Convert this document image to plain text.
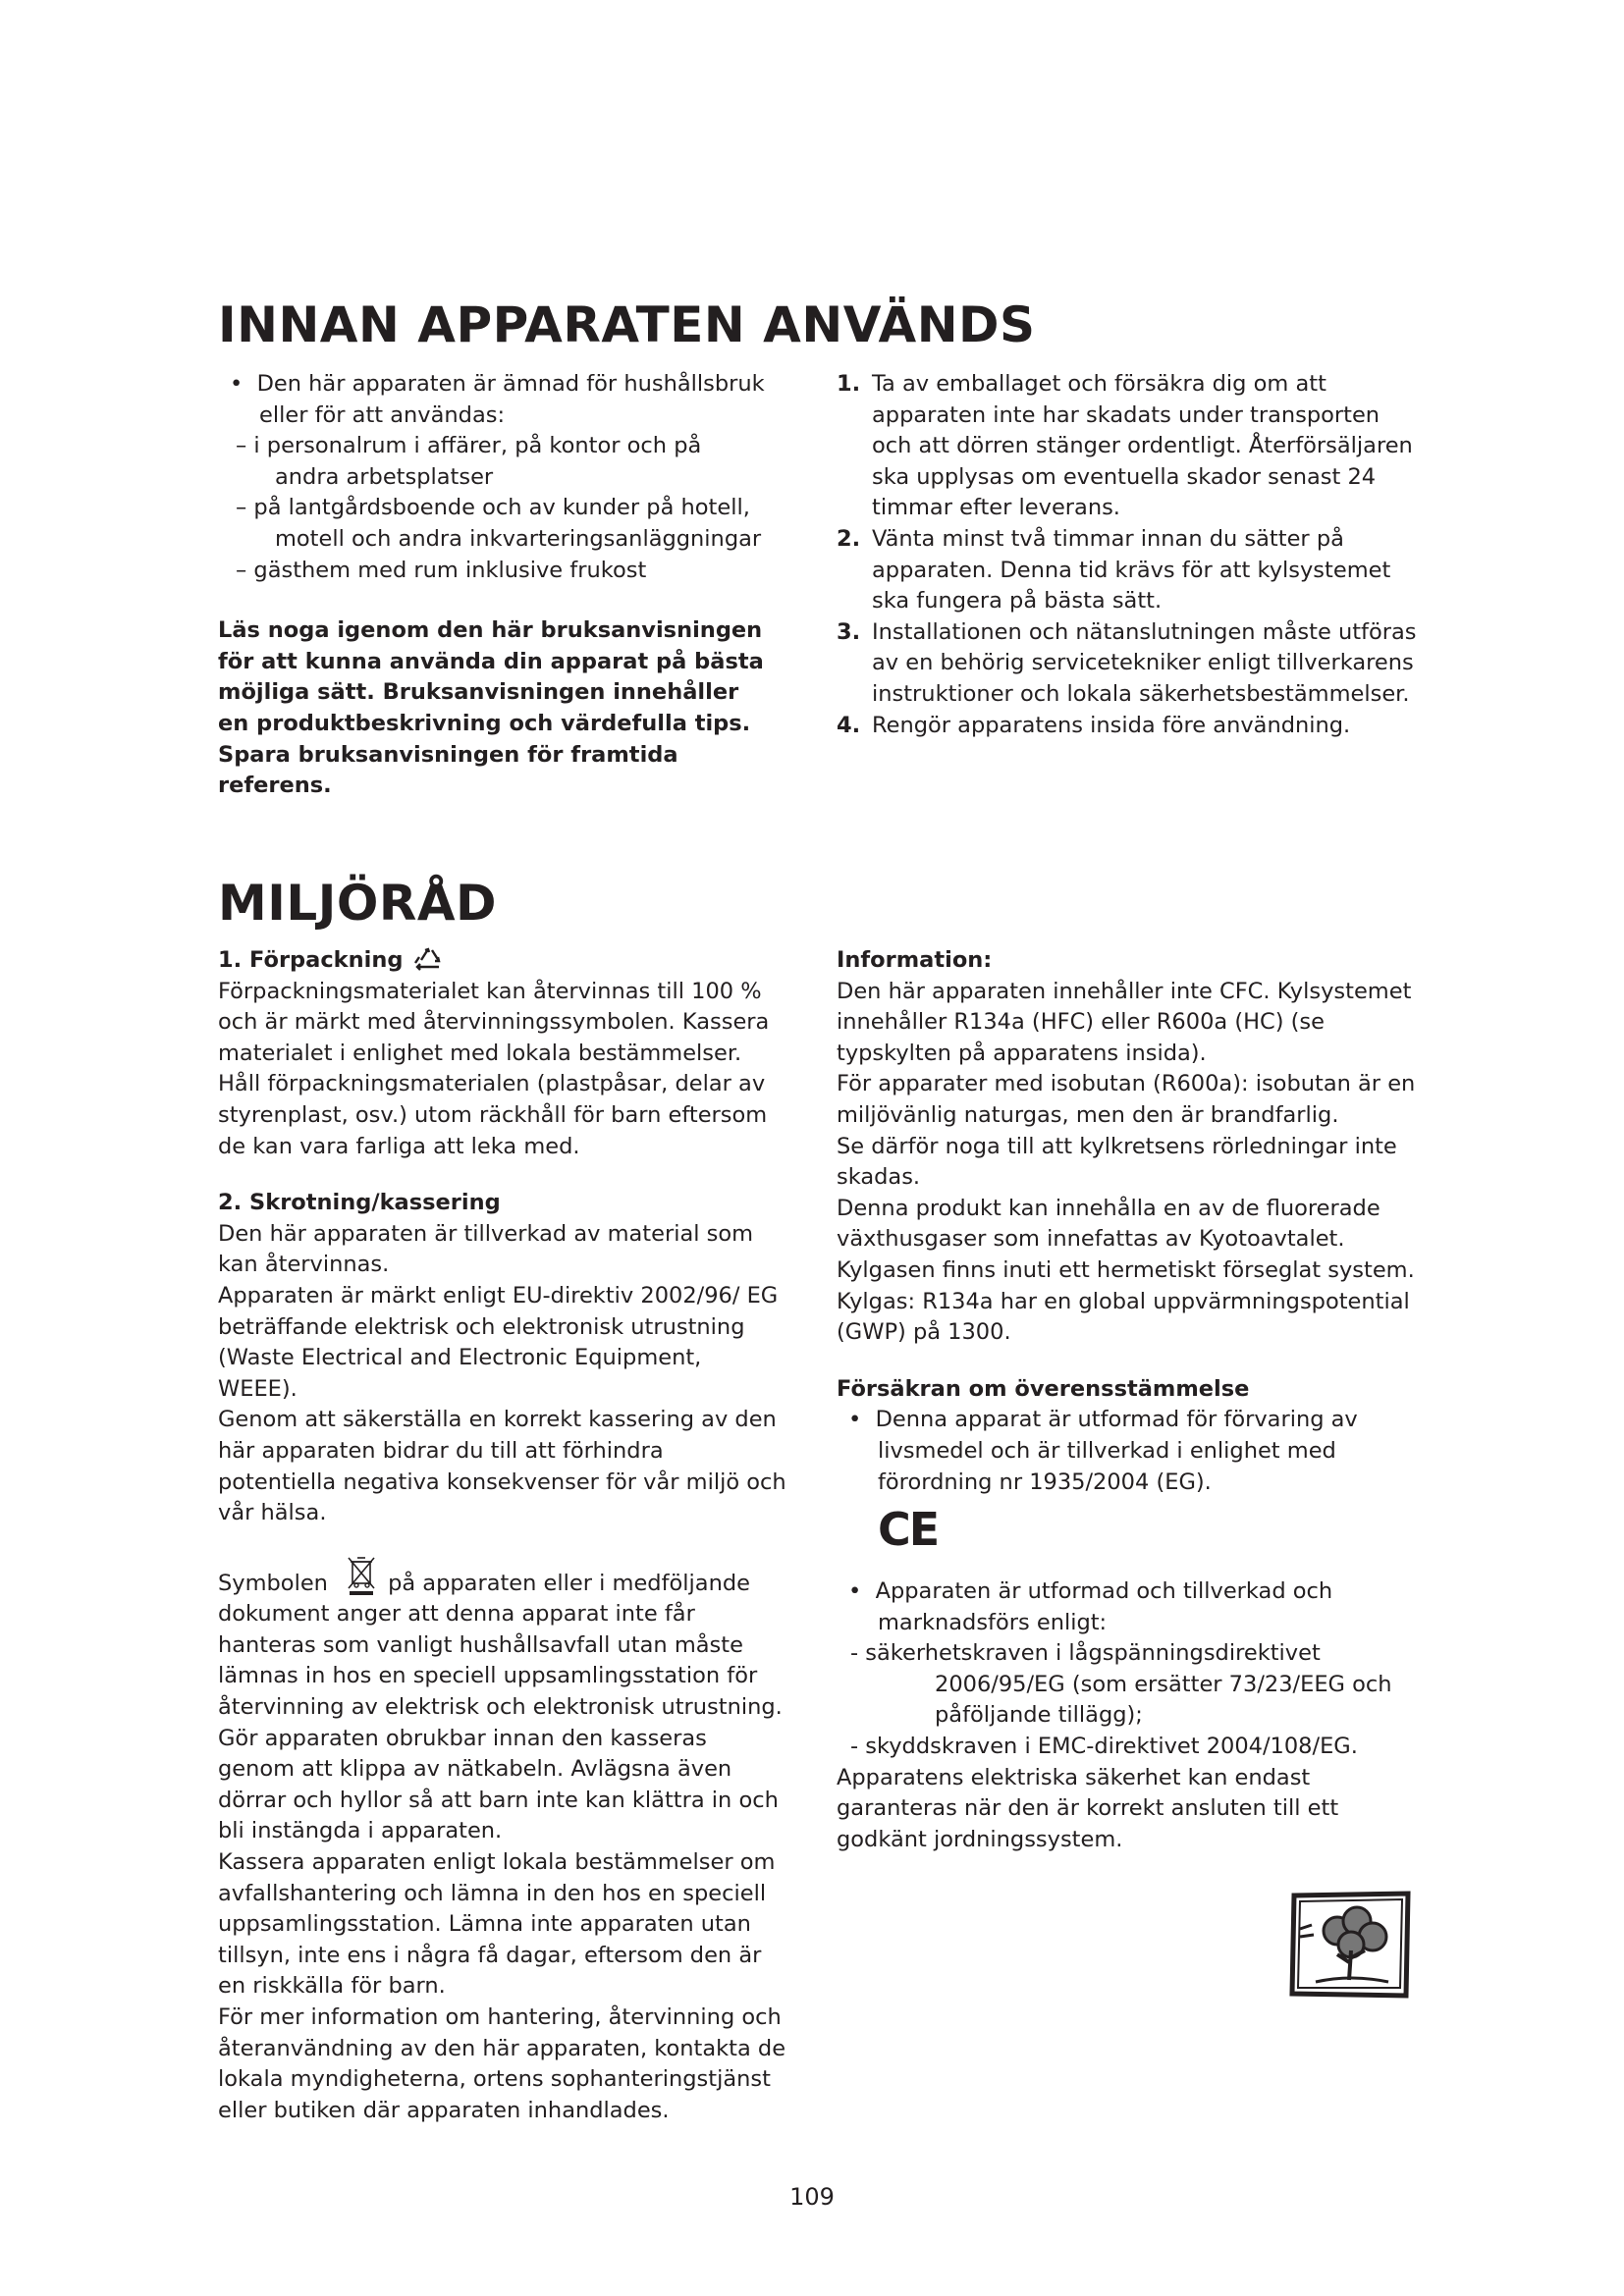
INNAN APPARATEN ANVÄNDS
•  Den här apparaten är ämnad för hushållsbruk eller för att användas:
– i personalrum i affärer, på kontor och på andra arbetsplatser
– på lantgårdsboende och av kunder på hotell, motell och andra inkvarteringsanläggningar
– gästhem med rum inklusive frukost

Läs noga igenom den här bruksanvisningen för att kunna använda din apparat på bästa möjliga sätt. Bruksanvisningen innehåller en produktbeskrivning och värdefulla tips. Spara bruksanvisningen för framtida referens.

1. Ta av emballaget och försäkra dig om att apparaten inte har skadats under transporten och att dörren stänger ordentligt. Återförsäljaren ska upplysas om eventuella skador senast 24 timmar efter leverans.
2. Vänta minst två timmar innan du sätter på apparaten. Denna tid krävs för att kylsystemet ska fungera på bästa sätt.
3. Installationen och nätanslutningen måste utföras av en behörig servicetekniker enligt tillverkarens instruktioner och lokala säkerhetsbestämmelser.
4. Rengör apparatens insida före användning.
MILJÖRÅD
1. Förpackning

Förpackningsmaterialet kan återvinnas till 100 % och är märkt med återvinningssymbolen. Kassera materialet i enlighet med lokala bestämmelser.

Håll förpackningsmaterialen (plastpåsar, delar av styrenplast, osv.) utom räckhåll för barn eftersom de kan vara farliga att leka med.

2. Skrotning/kassering

Den här apparaten är tillverkad av material som kan återvinnas.

Apparaten är märkt enligt EU-direktiv 2002/96/ EG beträffande elektrisk och elektronisk utrustning (Waste Electrical and Electronic Equipment, WEEE).

Genom att säkerställa en korrekt kassering av den här apparaten bidrar du till att förhindra potentiella negativa konsekvenser för vår miljö och vår hälsa.

Symbolen	på apparaten eller i medföljande dokument anger att denna apparat inte får hanteras som vanligt hushållsavfall utan måste lämnas in hos en speciell uppsamlingsstation för återvinning av elektrisk och elektronisk utrustning.

Gör apparaten obrukbar innan den kasseras genom att klippa av nätkabeln. Avlägsna även dörrar och hyllor så att barn inte kan klättra in och bli instängda i apparaten.

Kassera apparaten enligt lokala bestämmelser om avfallshantering och lämna in den hos en speciell uppsamlingsstation. Lämna inte apparaten utan tillsyn, inte ens i några få dagar, eftersom den är en riskkälla för barn.

För mer information om hantering, återvinning och återanvändning av den här apparaten, kontakta de lokala myndigheterna, ortens sophanteringstjänst eller butiken där apparaten inhandlades.

Information:

Den här apparaten innehåller inte CFC. Kylsystemet innehåller R134a (HFC) eller R600a (HC) (se typskylten på apparatens insida).

För apparater med isobutan (R600a): isobutan är en miljövänlig naturgas, men den är brandfarlig.

Se därför noga till att kylkretsens rörledningar inte skadas.

Denna produkt kan innehålla en av de fluorerade växthusgaser som innefattas av Kyotoavtalet.

Kylgasen finns inuti ett hermetiskt förseglat system.

Kylgas: R134a har en global uppvärmningspotential (GWP) på 1300.

Försäkran om överensstämmelse
•  Denna apparat är utformad för förvaring av livsmedel och är tillverkad i enlighet med förordning nr 1935/2004 (EG).
CE
•  Apparaten är utformad och tillverkad och marknadsförs enligt:
- säkerhetskraven i lågspänningsdirektivet 2006/95/EG (som ersätter 73/23/EEG och påföljande tillägg);
- skyddskraven i EMC-direktivet 2004/108/EG.

Apparatens elektriska säkerhet kan endast garanteras när den är korrekt ansluten till ett godkänt jordningssystem.

109
